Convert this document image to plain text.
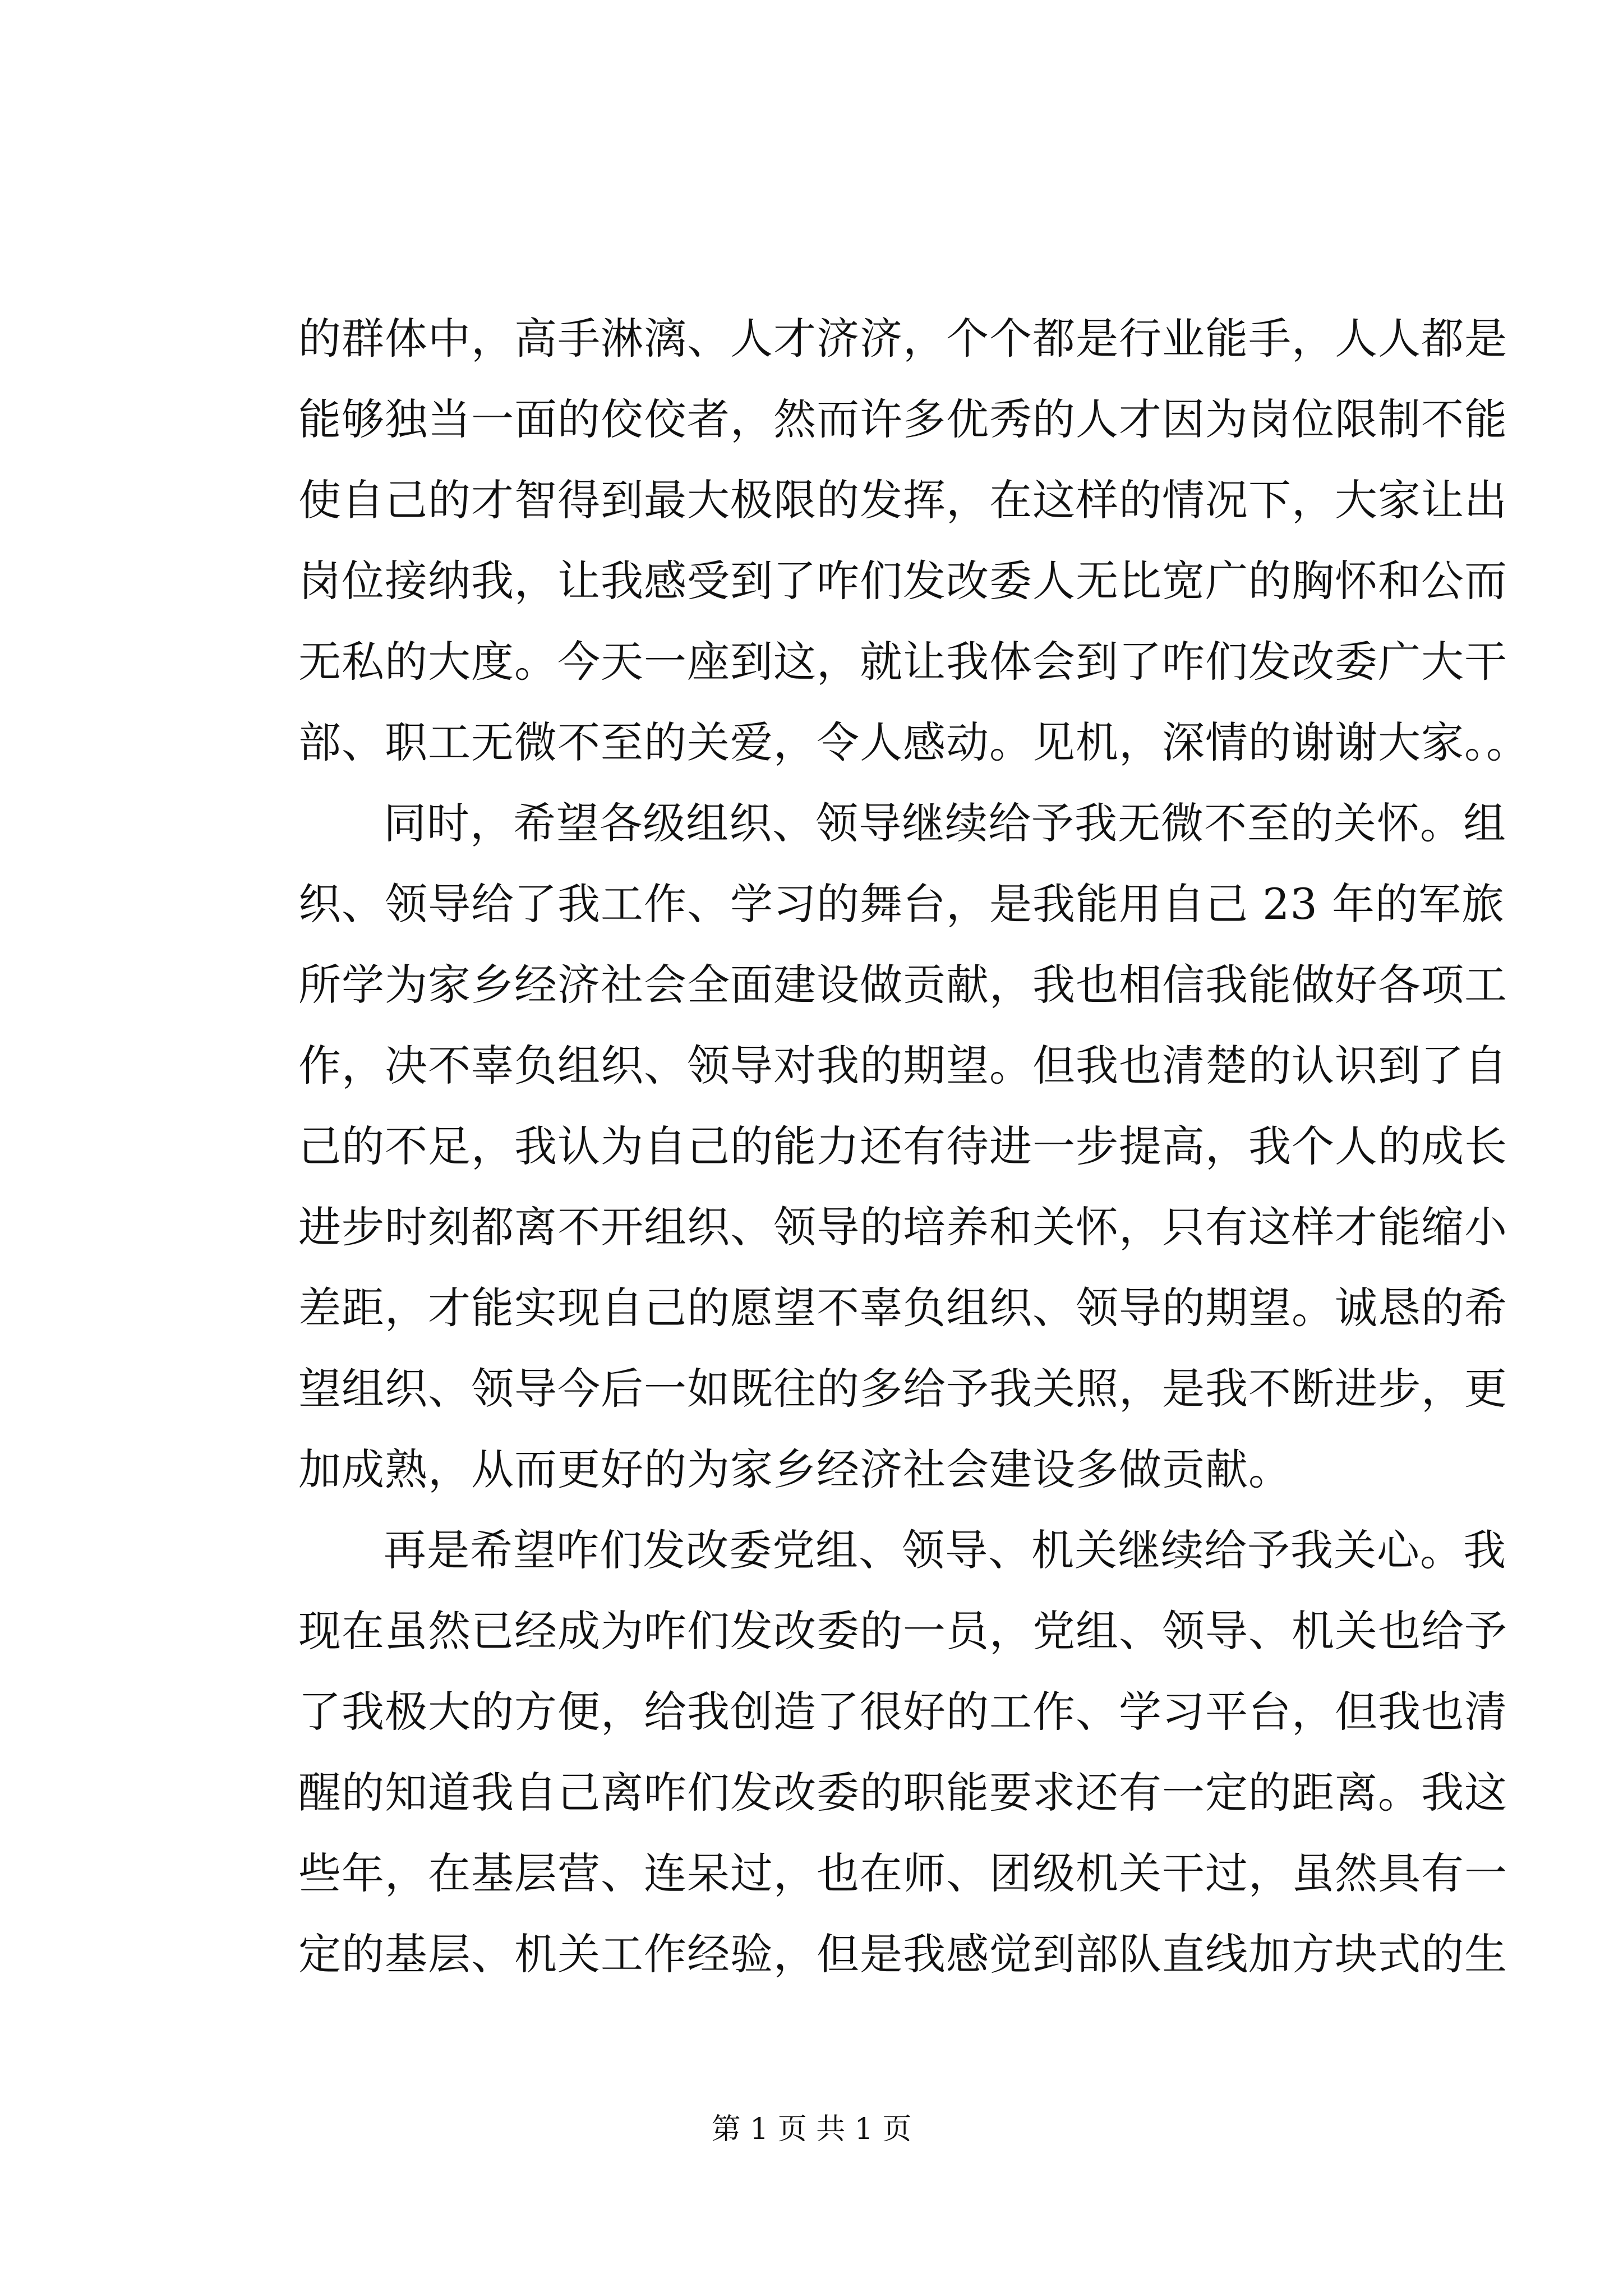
的群体中，高手淋漓、人才济济，个个都是行业能手，人人都是
能够独当一面的佼佼者，然而许多优秀的人才因为岗位限制不能
使自己的才智得到最大极限的发挥，在这样的情况下，大家让出
岗位接纳我，让我感受到了咋们发改委人无比宽广的胸怀和公而
无私的大度。今天一座到这，就让我体会到了咋们发改委广大干
部、职工无微不至的关爱，令人感动。见机，深情的谢谢大家。。
同时，希望各级组织、领导继续给予我无微不至的关怀。组
织、领导给了我工作、学习的舞台，是我能用自己 23 年的军旅
所学为家乡经济社会全面建设做贡献，我也相信我能做好各项工
作，决不辜负组织、领导对我的期望。但我也清楚的认识到了自
己的不足，我认为自己的能力还有待进一步提高，我个人的成长
进步时刻都离不开组织、领导的培养和关怀，只有这样才能缩小
差距，才能实现自己的愿望不辜负组织、领导的期望。诚恳的希
望组织、领导今后一如既往的多给予我关照，是我不断进步，更
加成熟，从而更好的为家乡经济社会建设多做贡献。
再是希望咋们发改委党组、领导、机关继续给予我关心。我
现在虽然已经成为咋们发改委的一员，党组、领导、机关也给予
了我极大的方便，给我创造了很好的工作、学习平台，但我也清
醒的知道我自己离咋们发改委的职能要求还有一定的距离。我这
些年，在基层营、连呆过，也在师、团级机关干过，虽然具有一
定的基层、机关工作经验，但是我感觉到部队直线加方块式的生
第 1 页 共 1 页
